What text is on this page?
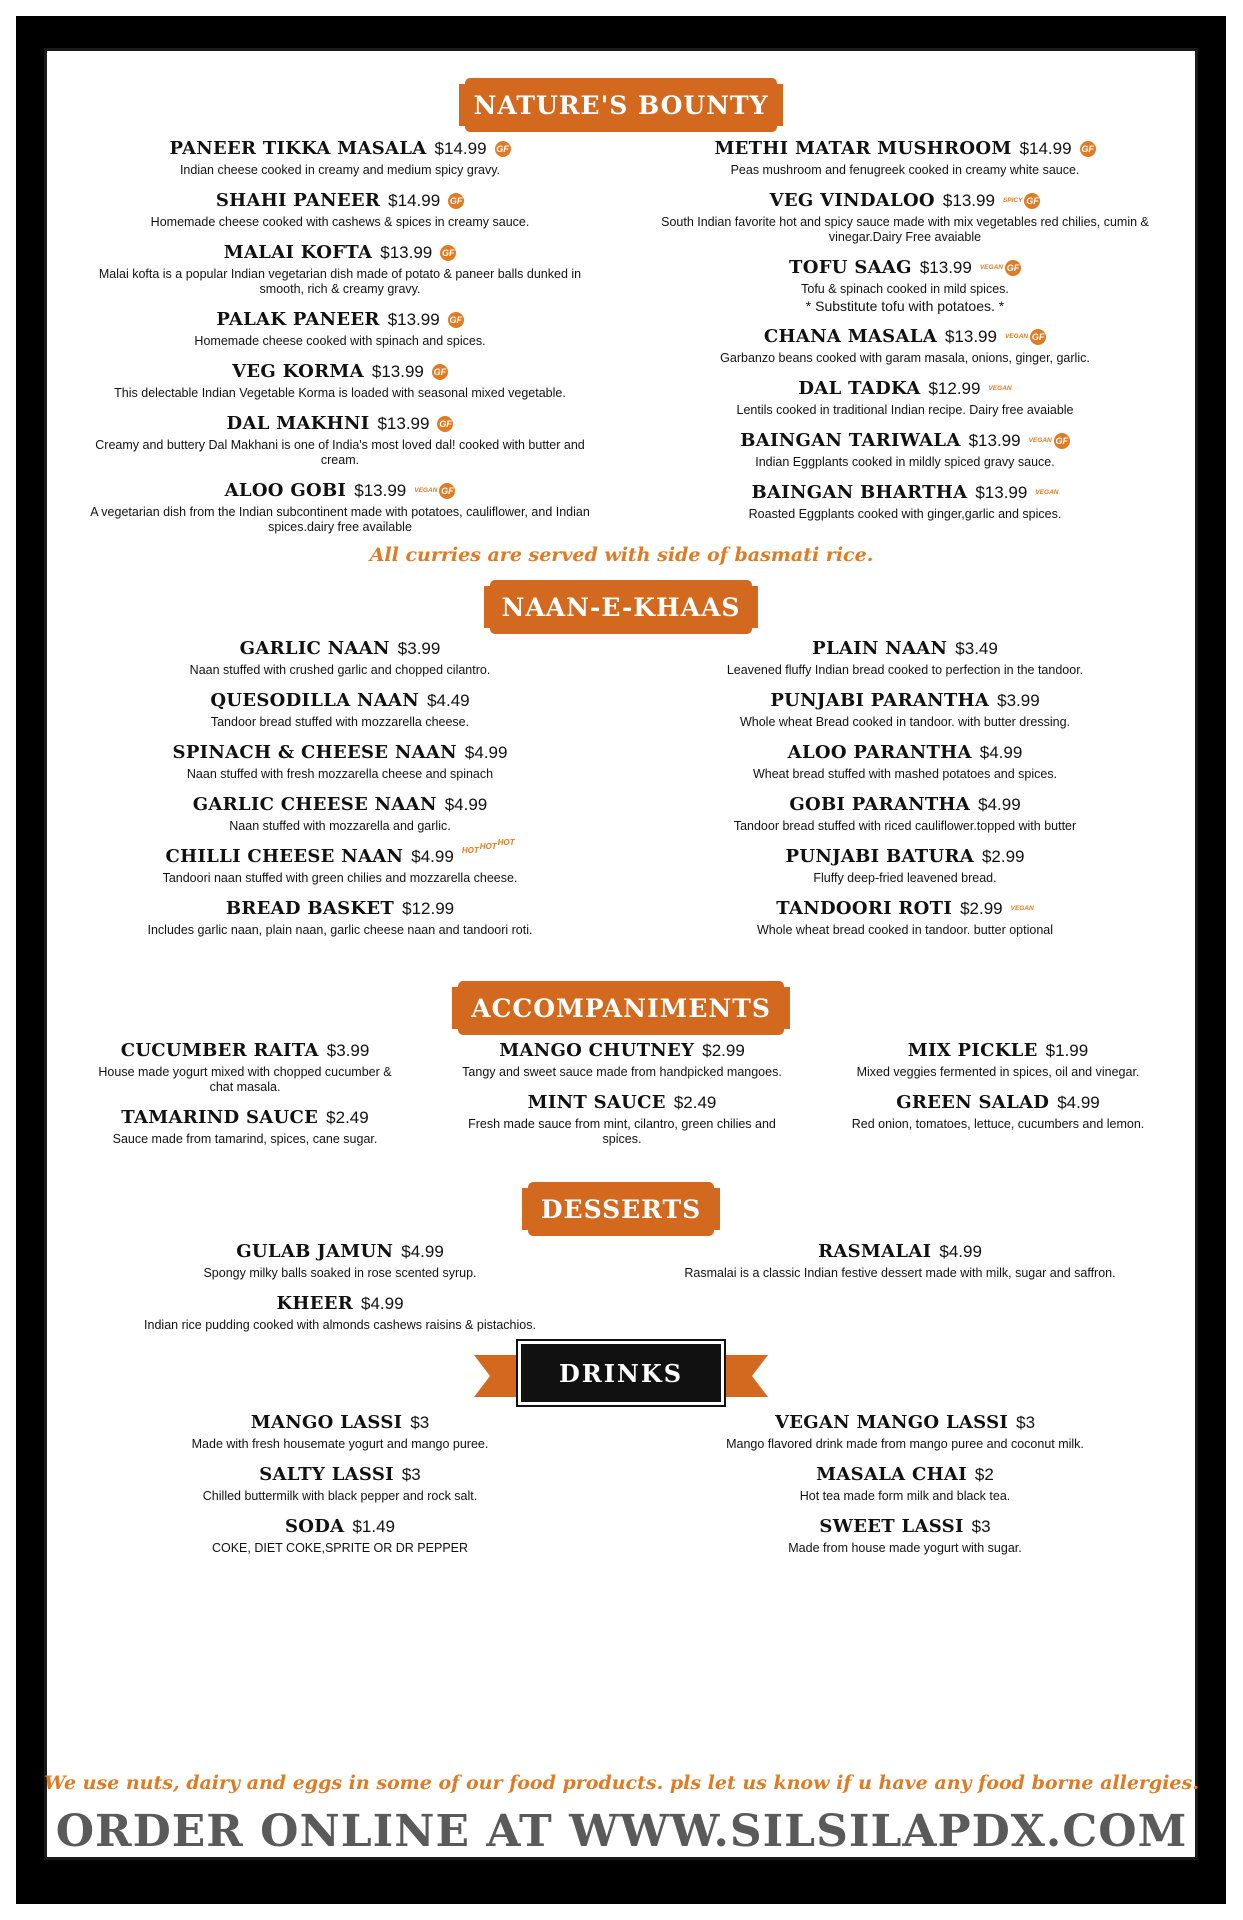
NATURE'S BOUNTY
NAAN-E-KHAAS
ACCOMPANIMENTS
DESSERTS
PANEER TIKKA MASALA $14.99 GF
Indian cheese cooked in creamy and medium spicy gravy.
SHAHI PANEER $14.99 GF
Homemade cheese cooked with cashews & spices in creamy sauce.
MALAI KOFTA $13.99 GF
Malai kofta is a popular Indian vegetarian dish made of potato & paneer balls dunked in smooth, rich & creamy gravy.
PALAK PANEER $13.99 GF
Homemade cheese cooked with spinach and spices.
VEG KORMA $13.99 GF
This delectable Indian Vegetable Korma is loaded with seasonal mixed vegetable.
DAL MAKHNI $13.99 GF
Creamy and buttery Dal Makhani is one of India's most loved dal! cooked with butter and cream.
ALOO GOBI $13.99 VEGAN GF
A vegetarian dish from the Indian subcontinent made with potatoes, cauliflower, and Indian spices.dairy free available
METHI MATAR MUSHROOM $14.99 GF
Peas mushroom and fenugreek cooked in creamy white sauce.
VEG VINDALOO $13.99 SPICY GF
South Indian favorite hot and spicy sauce made with mix vegetables red chilies, cumin & vinegar.Dairy Free avaiable
TOFU SAAG $13.99 VEGAN GF
Tofu & spinach cooked in mild spices.
* Substitute tofu with potatoes. *
CHANA MASALA $13.99 VEGAN GF
Garbanzo beans cooked with garam masala, onions, ginger, garlic.
DAL TADKA $12.99 VEGAN
Lentils cooked in traditional Indian recipe. Dairy free avaiable
BAINGAN TARIWALA $13.99 VEGAN GF
Indian Eggplants cooked in mildly spiced gravy sauce.
BAINGAN BHARTHA $13.99 VEGAN
Roasted Eggplants cooked with ginger,garlic and spices.
All curries are served with side of basmati rice.
GARLIC NAAN $3.99
Naan stuffed with crushed garlic and chopped cilantro.
QUESODILLA NAAN $4.49
Tandoor bread stuffed with mozzarella cheese.
SPINACH & CHEESE NAAN $4.99
Naan stuffed with fresh mozzarella cheese and spinach
GARLIC CHEESE NAAN $4.99
Naan stuffed with mozzarella and garlic.
CHILLI CHEESE NAAN $4.99 HOT HOT HOT
Tandoori naan stuffed with green chilies and mozzarella cheese.
BREAD BASKET $12.99
Includes garlic naan, plain naan, garlic cheese naan and tandoori roti.
PLAIN NAAN $3.49
Leavened fluffy Indian bread cooked to perfection in the tandoor.
PUNJABI PARANTHA $3.99
Whole wheat Bread cooked in tandoor. with butter dressing.
ALOO PARANTHA $4.99
Wheat bread stuffed with mashed potatoes and spices.
GOBI PARANTHA $4.99
Tandoor bread stuffed with riced cauliflower.topped with butter
PUNJABI BATURA $2.99
Fluffy deep-fried leavened bread.
TANDOORI ROTI $2.99 VEGAN
Whole wheat bread cooked in tandoor. butter optional
CUCUMBER RAITA $3.99
House made yogurt mixed with chopped cucumber & chat masala.
TAMARIND SAUCE $2.49
Sauce made from tamarind, spices, cane sugar.
MANGO CHUTNEY $2.99
Tangy and sweet sauce made from handpicked mangoes.
MINT SAUCE $2.49
Fresh made sauce from mint, cilantro, green chilies and spices.
MIX PICKLE $1.99
Mixed veggies fermented in spices, oil and vinegar.
GREEN SALAD $4.99
Red onion, tomatoes, lettuce, cucumbers and lemon.
GULAB JAMUN $4.99
Spongy milky balls soaked in rose scented syrup.
KHEER $4.99
Indian rice pudding cooked with almonds cashews raisins & pistachios.
RASMALAI $4.99
Rasmalai is a classic Indian festive dessert made with milk, sugar and saffron.
DRINKS
MANGO LASSI $3
Made with fresh housemate yogurt and mango puree.
SALTY LASSI $3
Chilled buttermilk with black pepper and rock salt.
SODA $1.49
COKE, DIET COKE,SPRITE OR DR PEPPER
VEGAN MANGO LASSI $3
Mango flavored drink made from mango puree and coconut milk.
MASALA CHAI $2
Hot tea made form milk and black tea.
SWEET LASSI $3
Made from house made yogurt with sugar.
We use nuts, dairy and eggs in some of our food products. pls let us know if u have any food borne allergies.
ORDER ONLINE AT WWW.SILSILAPDX.COM
